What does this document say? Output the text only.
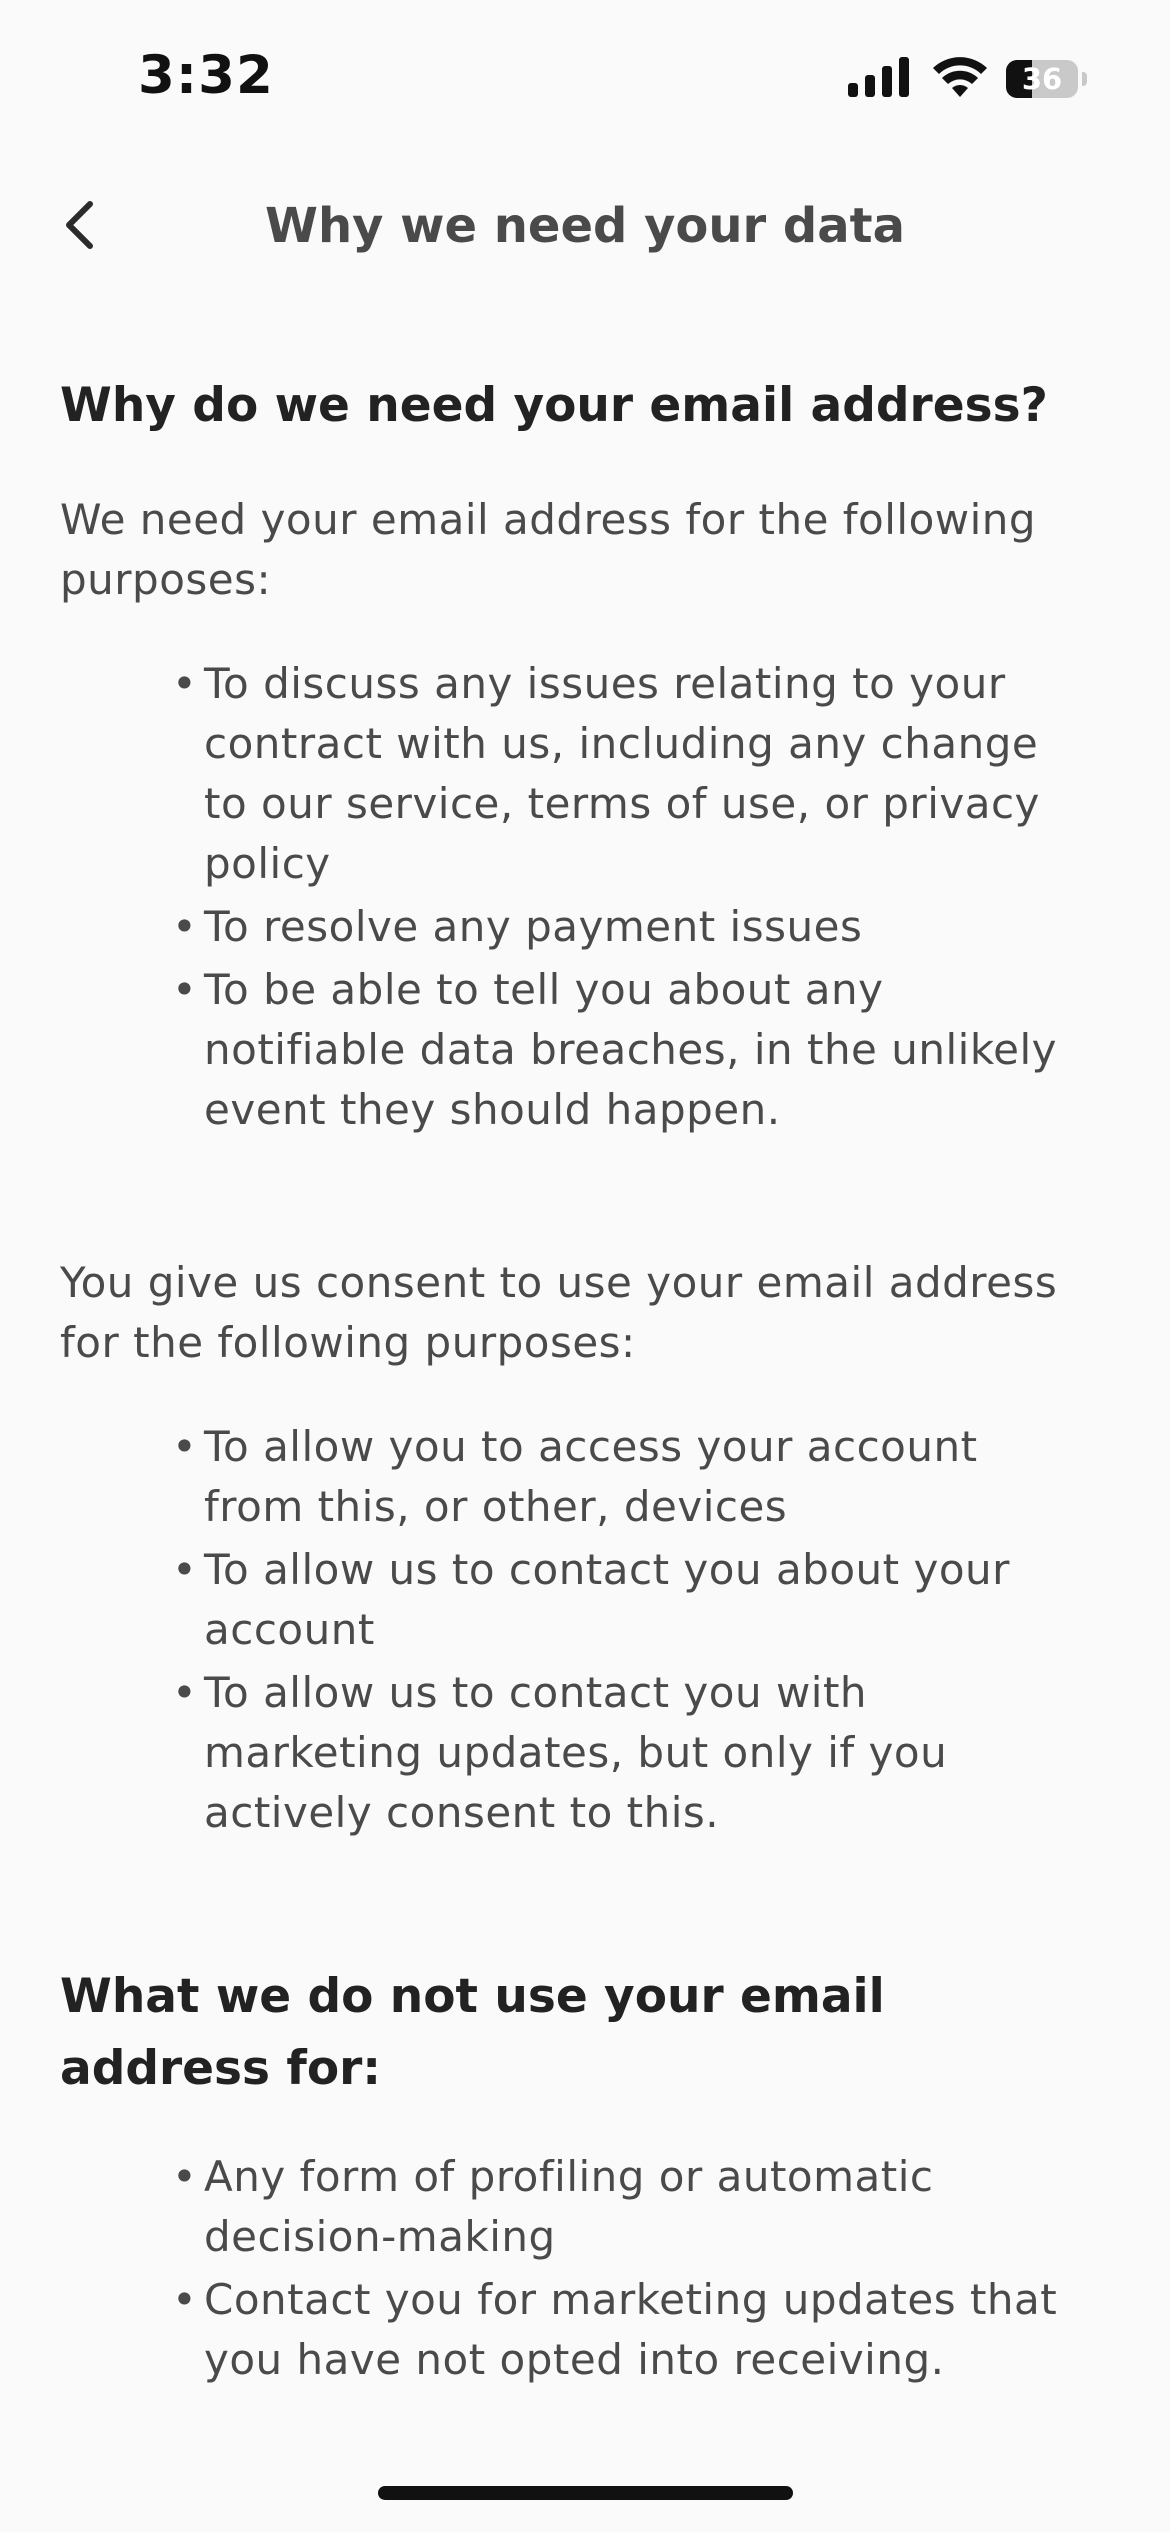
3:32	36
Why we need your data
Why do we need your email address?

We need your email address for the following purposes:

• To discuss any issues relating to your contract with us, including any change to our service, terms of use, or privacy policy
• To resolve any payment issues
• To be able to tell you about any notifiable data breaches, in the unlikely event they should happen.

You give us consent to use your email address for the following purposes:

• To allow you to access your account from this, or other, devices
• To allow us to contact you about your account
• To allow us to contact you with marketing updates, but only if you actively consent to this.
What we do not use your email address for:
• Any form of profiling or automatic decision-making
• Contact you for marketing updates that you have not opted into receiving.
